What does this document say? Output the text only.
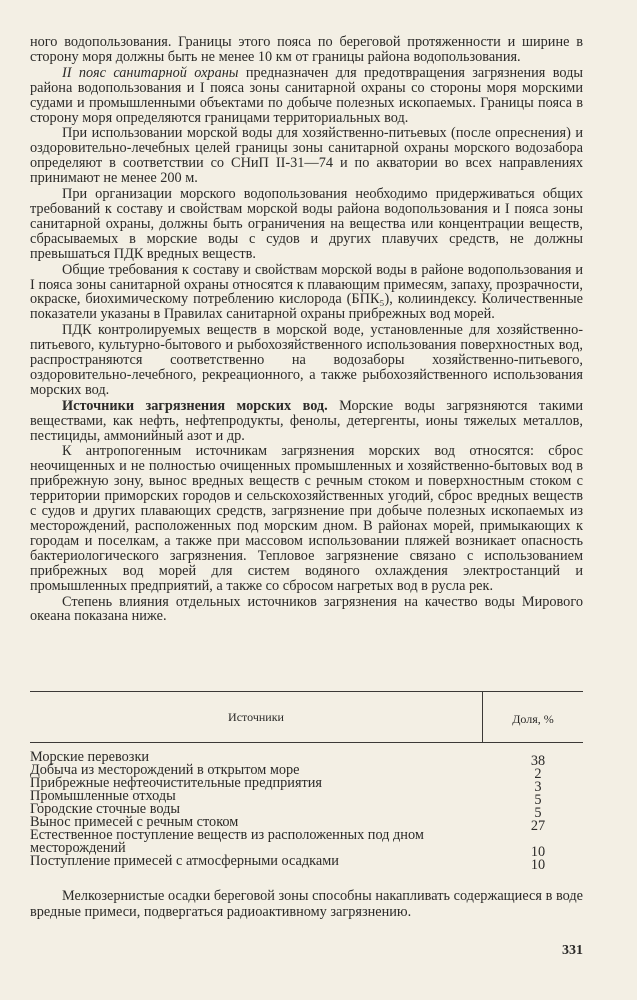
ного водопользования. Границы этого пояса по береговой протяженности и ширине в сторону моря должны быть не менее 10 км от границы района водопользования.

II пояс санитарной охраны предназначен для предотвращения загрязнения воды района водопользования и I пояса зоны санитарной охраны со стороны моря морскими судами и промышленными объектами по добыче полезных ископаемых. Границы пояса в сторону моря определяются границами территориальных вод.

При использовании морской воды для хозяйственно-питьевых (после опреснения) и оздоровительно-лечебных целей границы зоны санитарной охраны морского водозабора определяют в соответствии со СНиП II-31—74 и по акватории во всех направлениях принимают не менее 200 м.

При организации морского водопользования необходимо придерживаться общих требований к составу и свойствам морской воды района водопользования и I пояса зоны санитарной охраны, должны быть ограничения на вещества или концентрации веществ, сбрасываемых в морские воды с судов и других плавучих средств, не должны превышаться ПДК вредных веществ.

Общие требования к составу и свойствам морской воды в районе водопользования и I пояса зоны санитарной охраны относятся к плавающим примесям, запаху, прозрачности, окраске, биохимическому потреблению кислорода (БПК₅), колииндексу. Количественные показатели указаны в Правилах санитарной охраны прибрежных вод морей.

ПДК контролируемых веществ в морской воде, установленные для хозяйственно-питьевого, культурно-бытового и рыбохозяйственного использования поверхностных вод, распространяются соответственно на водозаборы хозяйственно-питьевого, оздоровительно-лечебного, рекреационного, а также рыбохозяйственного использования морских вод.

Источники загрязнения морских вод. Морские воды загрязняются такими веществами, как нефть, нефтепродукты, фенолы, детергенты, ионы тяжелых металлов, пестициды, аммонийный азот и др.

К антропогенным источникам загрязнения морских вод относятся: сброс неочищенных и не полностью очищенных промышленных и хозяйственно-бытовых вод в прибрежную зону, вынос вредных веществ с речным стоком и поверхностным стоком с территории приморских городов и сельскохозяйственных угодий, сброс вредных веществ с судов и других плавающих средств, загрязнение при добыче полезных ископаемых из месторождений, расположенных под морским дном. В районах морей, примыкающих к городам и поселкам, а также при массовом использовании пляжей возникает опасность бактериологического загрязнения. Тепловое загрязнение связано с использованием прибрежных вод морей для систем водяного охлаждения электростанций и промышленных предприятий, а также со сбросом нагретых вод в русла рек.

Степень влияния отдельных источников загрязнения на качество воды Мирового океана показана ниже.

Источники	Доля, %
Морские перевозки	38
Добыча из месторождений в открытом море	2
Прибрежные нефтеочистительные предприятия	3
Промышленные отходы	5
Городские сточные воды	5
Вынос примесей с речным стоком	27
Естественное поступление веществ из расположенных под дном месторождений	10
Поступление примесей с атмосферными осадками	10

Мелкозернистые осадки береговой зоны способны накапливать содержащиеся в воде вредные примеси, подвергаться радиоактивному загрязнению.

331
